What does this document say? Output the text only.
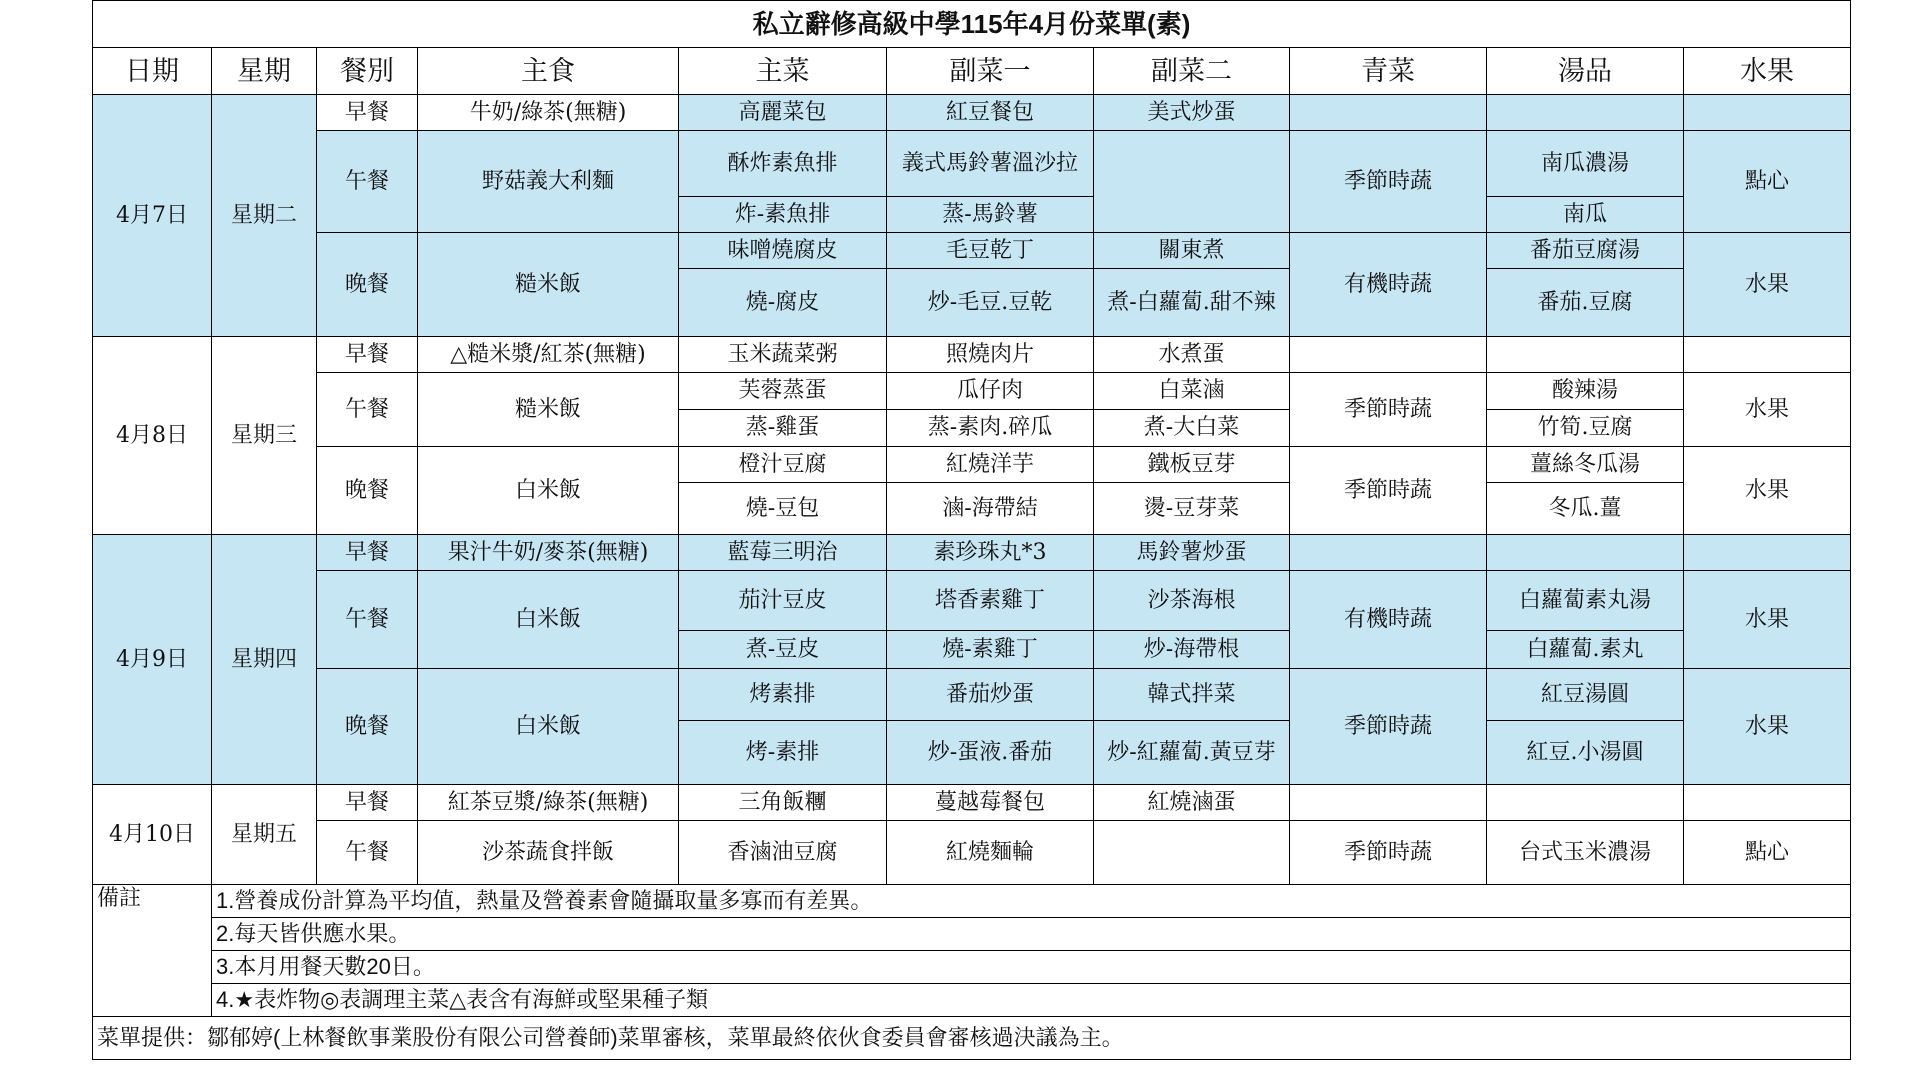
私立辭修高級中學115年4月份菜單(素)									
日期	星期	餐別	主食	主菜	副菜一	副菜二	青菜	湯品	水果
4月7日	星期二	早餐	牛奶/綠茶(無糖)	高麗菜包	紅豆餐包	美式炒蛋			
		午餐	野菇義大利麵	酥炸素魚排	義式馬鈴薯溫沙拉		季節時蔬	南瓜濃湯	點心
				炸-素魚排	蒸-馬鈴薯			南瓜	
		晚餐	糙米飯	味噌燒腐皮	毛豆乾丁	關東煮	有機時蔬	番茄豆腐湯	水果
				燒-腐皮	炒-毛豆.豆乾	煮-白蘿蔔.甜不辣		番茄.豆腐	

4月8日	星期三	早餐	△糙米漿/紅茶(無糖)	玉米蔬菜粥	照燒肉片	水煮蛋			
		午餐	糙米飯	芙蓉蒸蛋	瓜仔肉	白菜滷	季節時蔬	酸辣湯	水果
				蒸-雞蛋	蒸-素肉.碎瓜	煮-大白菜		竹筍.豆腐	
		晚餐	白米飯	橙汁豆腐	紅燒洋芋	鐵板豆芽	季節時蔬	薑絲冬瓜湯	水果
				燒-豆包	滷-海帶結	燙-豆芽菜		冬瓜.薑	
4月9日	星期四	早餐	果汁牛奶/麥茶(無糖)	藍莓三明治	素珍珠丸*3	馬鈴薯炒蛋			
		午餐	白米飯	茄汁豆皮	塔香素雞丁	沙茶海根	有機時蔬	白蘿蔔素丸湯	水果
				煮-豆皮	燒-素雞丁	炒-海帶根		白蘿蔔.素丸	
		晚餐	白米飯	烤素排	番茄炒蛋	韓式拌菜	季節時蔬	紅豆湯圓	水果
				烤-素排	炒-蛋液.番茄	炒-紅蘿蔔.黃豆芽		紅豆.小湯圓	
4月10日	星期五	早餐	紅茶豆漿/綠茶(無糖)	三角飯糰	蔓越莓餐包	紅燒滷蛋			
		午餐	沙茶蔬食拌飯	香滷油豆腐	紅燒麵輪		季節時蔬	台式玉米濃湯	點心
備註	1.營養成份計算為平均值，熱量及營養素會隨攝取量多寡而有差異。								
	2.每天皆供應水果。								
	3.本月用餐天數20日。								
	4.★表炸物◎表調理主菜△表含有海鮮或堅果種子類								
菜單提供：鄒郁婷(上林餐飲事業股份有限公司營養師)菜單審核，菜單最終依伙食委員會審核過決議為主。									
